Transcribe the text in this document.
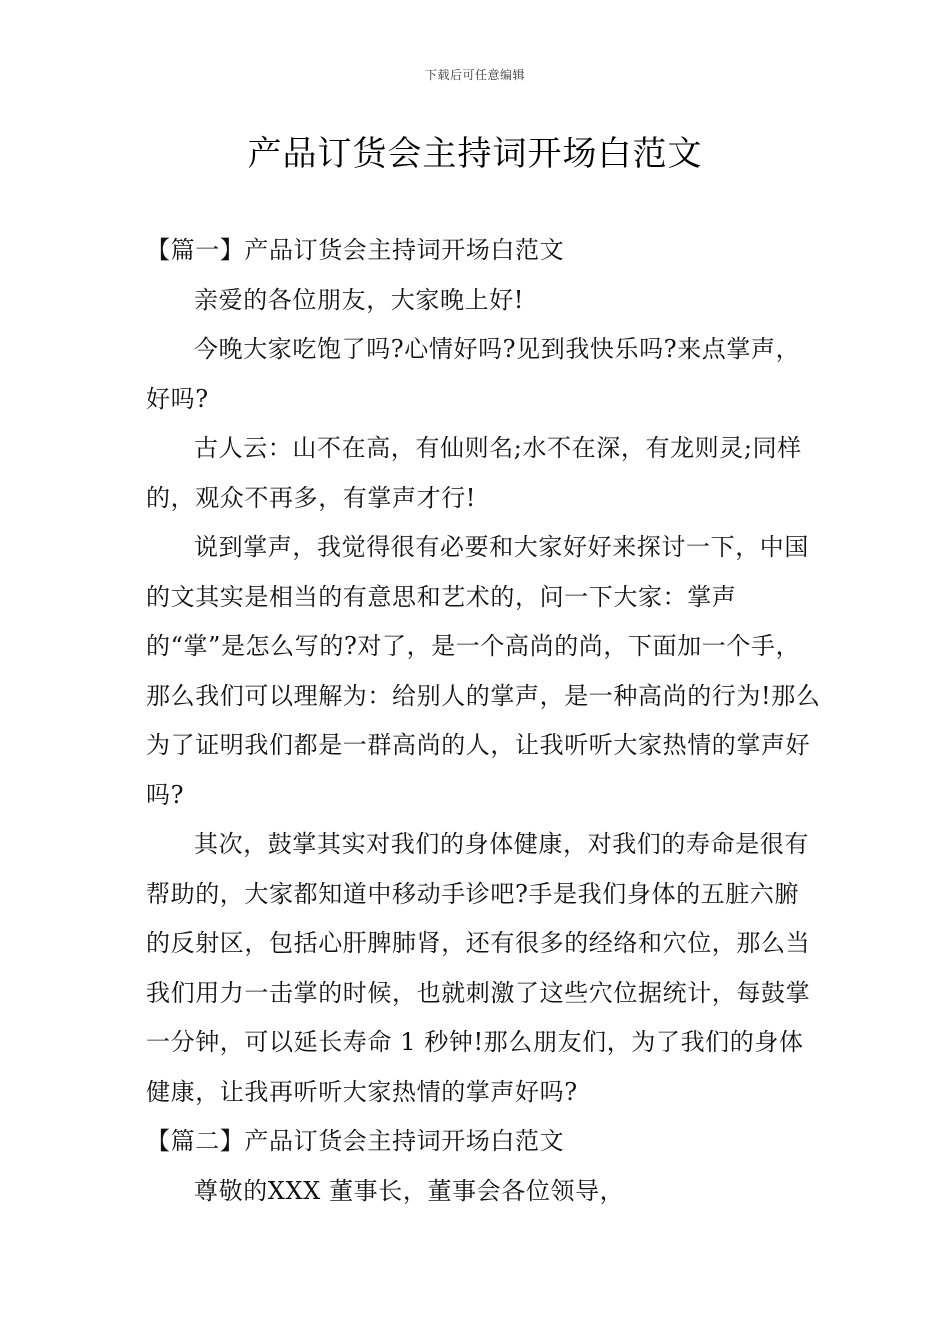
下载后可任意编辑
产品订货会主持词开场白范文

【篇一】产品订货会主持词开场白范文

亲爱的各位朋友，大家晚上好!

今晚大家吃饱了吗?心情好吗?见到我快乐吗?来点掌声，好吗?

古人云：山不在高，有仙则名;水不在深，有龙则灵;同样的，观众不再多，有掌声才行!

说到掌声，我觉得很有必要和大家好好来探讨一下，中国的文其实是相当的有意思和艺术的，问一下大家：掌声的“掌”是怎么写的?对了，是一个高尚的尚，下面加一个手，那么我们可以理解为：给别人的掌声，是一种高尚的行为!那么为了证明我们都是一群高尚的人，让我听听大家热情的掌声好吗?

其次，鼓掌其实对我们的身体健康，对我们的寿命是很有帮助的，大家都知道中移动手诊吧?手是我们身体的五脏六腑的反射区，包括心肝脾肺肾，还有很多的经络和穴位，那么当我们用力一击掌的时候，也就刺激了这些穴位据统计，每鼓掌一分钟，可以延长寿命 1 秒钟!那么朋友们，为了我们的身体健康，让我再听听大家热情的掌声好吗?

【篇二】产品订货会主持词开场白范文

尊敬的XXX 董事长，董事会各位领导，
